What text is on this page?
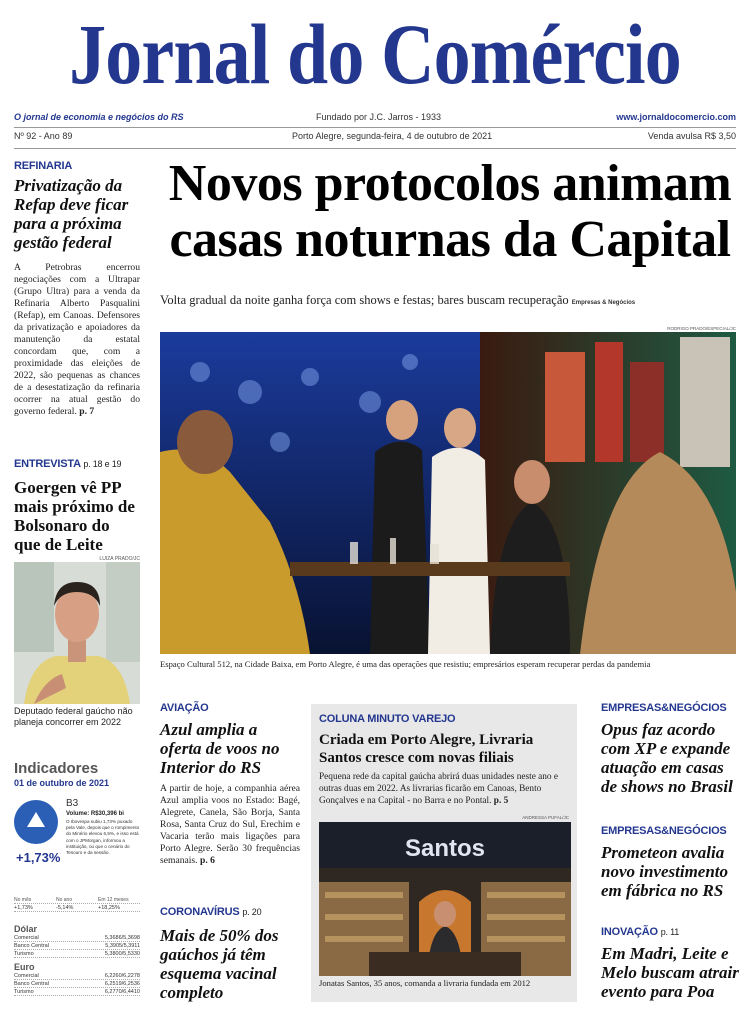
Jornal do Comércio
O jornal de economia e negócios do RS	Fundado por J.C. Jarros - 1933	www.jornaldocomercio.com
Nº 92 - Ano 89	Porto Alegre, segunda-feira, 4 de outubro de 2021	Venda avulsa R$ 3,50
REFINARIA
Privatização da Refap deve ficar para a próxima gestão federal
A Petrobras encerrou negociações com a Ultrapar (Grupo Ultra) para a venda da Refinaria Alberto Pasqualini (Refap), em Canoas. Defensores da privatização e apoiadores da manutenção da estatal concordam que, com a proximidade das eleições de 2022, são pequenas as chances de a desestatização da refinaria ocorrer na atual gestão do governo federal. p. 7
ENTREVISTA p. 18 e 19
Goergen vê PP mais próximo de Bolsonaro do que de Leite
LUIZA PRADO/JC
Deputado federal gaúcho não planeja concorrer em 2022
Indicadores
01 de outubro de 2021
B3
Volume: R$30,396 bi
O Ibovespa subiu 1,73% puxado pela Vale, depois que o rompimento do Minério elevou 6,5%, e isso está com o JPMorgan, informou a instituição, ou que o cenário do Tesouro e da sessão.
+1,73%
No mês	No ano	Em 12 meses
+1,73%	-5,14%	+18,25%
Dólar
Comercial	5,3686/5,3698
Banco Central	5,3905/5,3911
Turismo	5,3800/5,5330
Euro
Comercial	6,2260/6,2278
Banco Central	6,2519/6,2536
Turismo	6,2770/6,4410
Novos protocolos animam casas noturnas da Capital
Volta gradual da noite ganha força com shows e festas; bares buscam recuperação Empresas & Negócios
RODRIGO PRADO/ESPECIAL/JC
Espaço Cultural 512, na Cidade Baixa, em Porto Alegre, é uma das operações que resistiu; empresários esperam recuperar perdas da pandemia
AVIAÇÃO
Azul amplia a oferta de voos no Interior do RS
A partir de hoje, a companhia aérea Azul amplia voos no Estado: Bagé, Alegrete, Canela, São Borja, Santa Rosa, Santa Cruz do Sul, Erechim e Vacaria terão mais ligações para Porto Alegre. Serão 30 frequências semanais. p. 6
CORONAVÍRUS p. 20
Mais de 50% dos gaúchos já têm esquema vacinal completo
COLUNA MINUTO VAREJO
Criada em Porto Alegre, Livraria Santos cresce com novas filiais
Pequena rede da capital gaúcha abrirá duas unidades neste ano e outras duas em 2022. As livrarias ficarão em Canoas, Bento Gonçalves e na Capital - no Barra e no Pontal. p. 5
ANDRESSA PUFAL/JC
Santos
Jonatas Santos, 35 anos, comanda a livraria fundada em 2012
EMPRESAS&NEGÓCIOS
Opus faz acordo com XP e expande atuação em casas de shows no Brasil
EMPRESAS&NEGÓCIOS
Prometeon avalia novo investimento em fábrica no RS
INOVAÇÃO p. 11
Em Madri, Leite e Melo buscam atrair evento para Poa
